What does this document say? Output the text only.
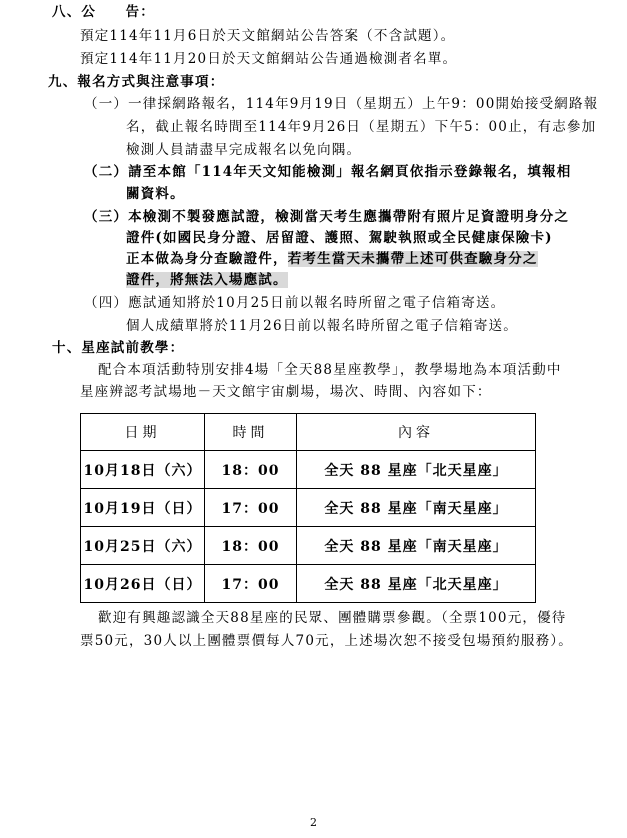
八、公　　告：
預定114年11月6日於天文館網站公告答案（不含試題）。
預定114年11月20日於天文館網站公告通過檢測者名單。
九、報名方式與注意事項：
（一）一律採網路報名，114年9月19日（星期五）上午9：00開始接受網路報
名，截止報名時間至114年9月26日（星期五）下午5：00止，有志參加
檢測人員請盡早完成報名以免向隅。
（二）請至本館「114年天文知能檢測」報名網頁依指示登錄報名，填報相
關資料。
（三）本檢測不製發應試證，檢測當天考生應攜帶附有照片足資證明身分之
證件(如國民身分證、居留證、護照、駕駛執照或全民健康保險卡)
正本做為身分查驗證件，若考生當天未攜帶上述可供查驗身分之
證件，將無法入場應試。
（四）應試通知將於10月25日前以報名時所留之電子信箱寄送。
個人成績單將於11月26日前以報名時所留之電子信箱寄送。
十、星座試前教學：
配合本項活動特別安排4場「全天88星座教學」，教學場地為本項活動中
星座辨認考試場地－天文館宇宙劇場，場次、時間、內容如下：
日期	時間	內容
10月18日（六）	18：00	全天 88 星座「北天星座」
10月19日（日）	17：00	全天 88 星座「南天星座」
10月25日（六）	18：00	全天 88 星座「南天星座」
10月26日（日）	17：00	全天 88 星座「北天星座」
歡迎有興趣認識全天88星座的民眾、團體購票參觀。（全票100元，優待
票50元，30人以上團體票價每人70元，上述場次恕不接受包場預約服務）。
2
